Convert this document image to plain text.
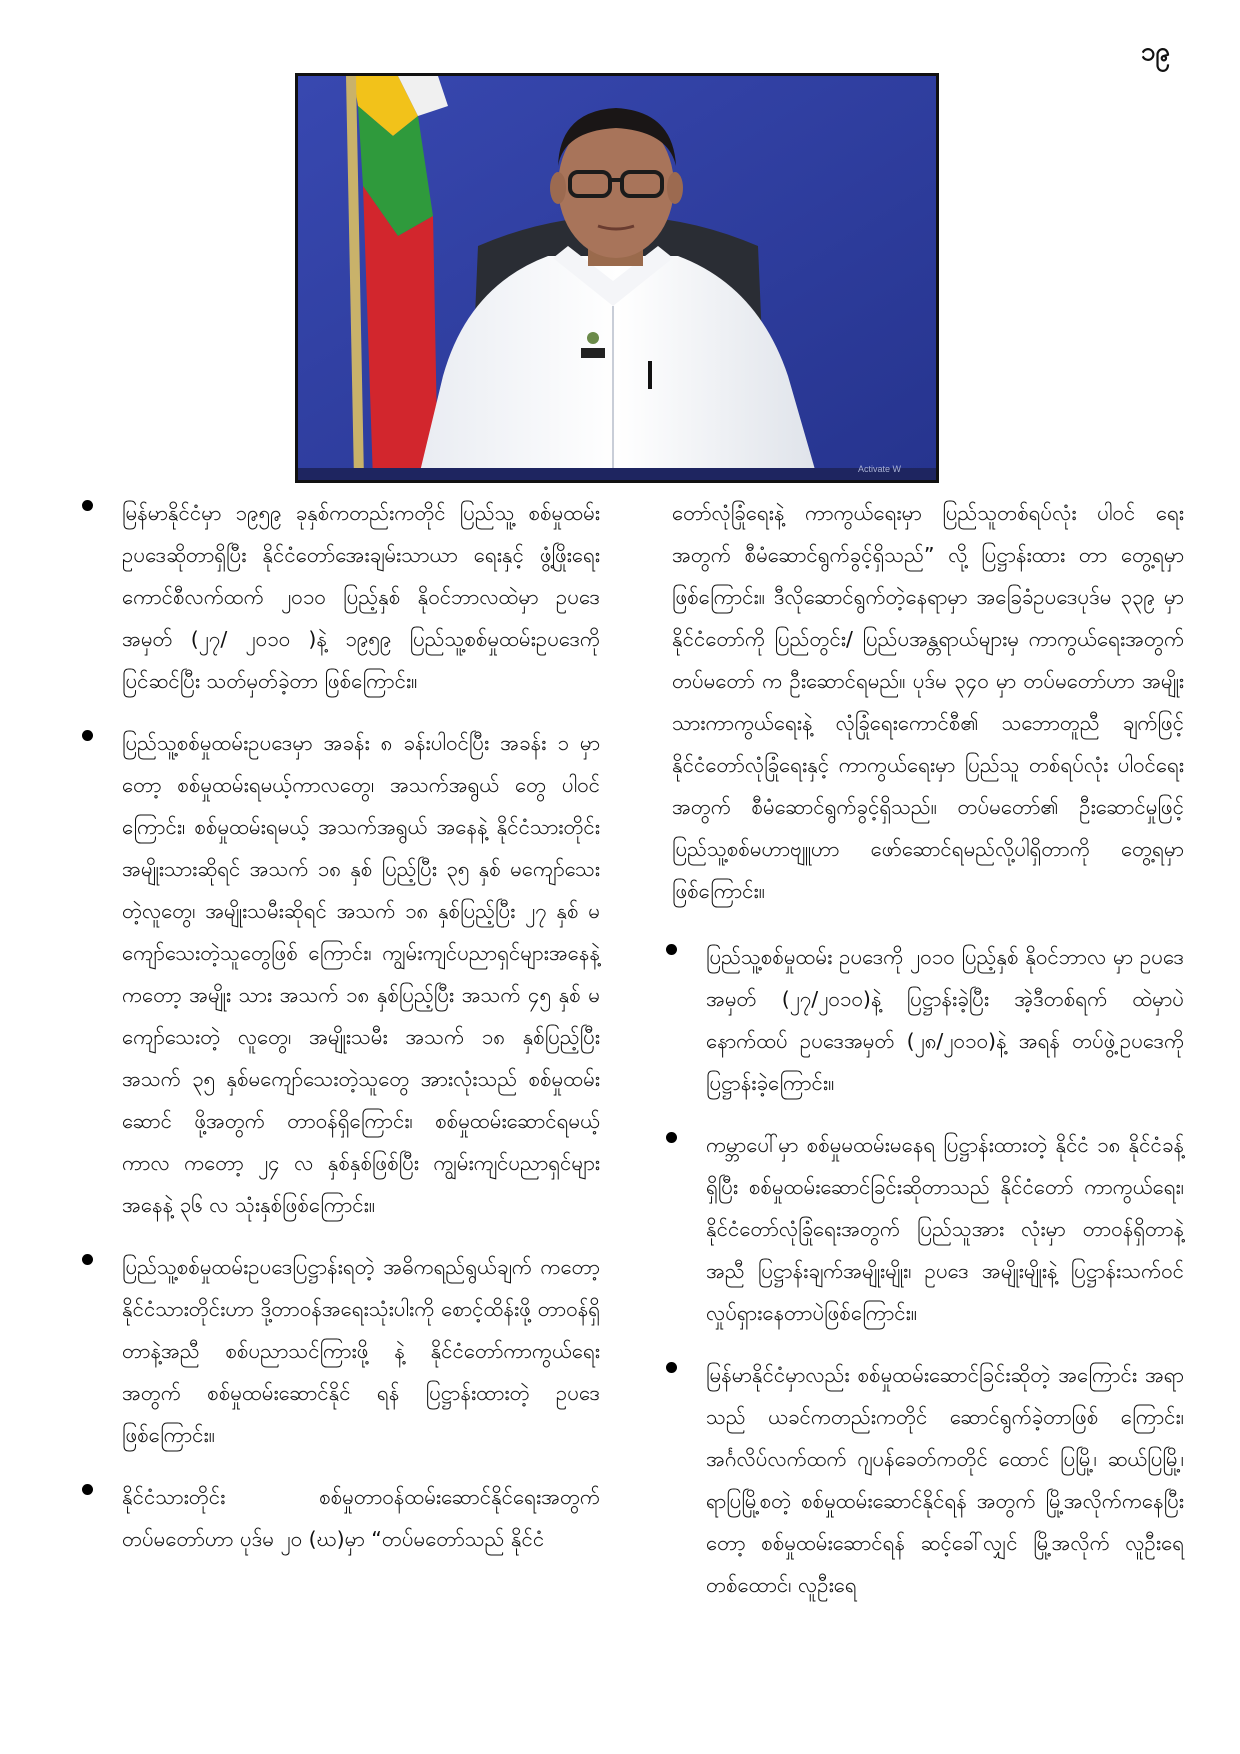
၁၉
Activate W

မြန်မာနိုင်ငံမှာ ၁၉၅၉ ခုနှစ်ကတည်းကတိုင် ပြည်သူ့ စစ်မှုထမ်းဥပဒေဆိုတာရှိပြီး နိုင်ငံတော်အေးချမ်းသာယာ ရေးနှင့် ဖွံ့ဖြိုးရေးကောင်စီလက်ထက် ၂၀၁၀ ပြည့်နှစ် နိုဝင်ဘာလထဲမှာ ဥပဒေအမှတ် (၂၇/ ၂၀၁၀ )နဲ့ ၁၉၅၉ ပြည်သူ့စစ်မှုထမ်းဥပဒေကို ပြင်ဆင်ပြီး သတ်မှတ်ခဲ့တာ ဖြစ်ကြောင်း။

ပြည်သူ့စစ်မှုထမ်းဥပဒေမှာ အခန်း ၈ ခန်းပါဝင်ပြီး အခန်း ၁ မှာတော့ စစ်မှုထမ်းရမယ့်ကာလတွေ၊ အသက်အရွယ် တွေ ပါဝင်ကြောင်း၊ စစ်မှုထမ်းရမယ့် အသက်အရွယ် အနေနဲ့ နိုင်ငံသားတိုင်း အမျိုးသားဆိုရင် အသက် ၁၈ နှစ် ပြည့်ပြီး ၃၅ နှစ် မကျော်သေးတဲ့လူတွေ၊ အမျိုးသမီးဆိုရင် အသက် ၁၈ နှစ်ပြည့်ပြီး ၂၇ နှစ် မကျော်သေးတဲ့သူတွေဖြစ် ကြောင်း၊ ကျွမ်းကျင်ပညာရှင်များအနေနဲ့ကတော့ အမျိုး သား အသက် ၁၈ နှစ်ပြည့်ပြီး အသက် ၄၅ နှစ် မကျော်သေးတဲ့ လူတွေ၊ အမျိုးသမီး အသက် ၁၈ နှစ်ပြည့်ပြီး အသက် ၃၅ နှစ်မကျော်သေးတဲ့သူတွေ အားလုံးသည် စစ်မှုထမ်းဆောင် ဖို့အတွက် တာဝန်ရှိကြောင်း၊ စစ်မှုထမ်းဆောင်ရမယ့် ကာလ ကတော့ ၂၄ လ နှစ်နှစ်ဖြစ်ပြီး ကျွမ်းကျင်ပညာရှင်များ အနေနဲ့ ၃၆ လ သုံးနှစ်ဖြစ်ကြောင်း။

ပြည်သူ့စစ်မှုထမ်းဥပဒေပြဋ္ဌာန်းရတဲ့ အဓိကရည်ရွယ်ချက် ကတော့ နိုင်ငံသားတိုင်းဟာ ဒို့တာဝန်အရေးသုံးပါးကို စောင့်ထိန်းဖို့ တာဝန်ရှိတာနဲ့အညီ စစ်ပညာသင်ကြားဖို့ နဲ့ နိုင်ငံတော်ကာကွယ်ရေးအတွက် စစ်မှုထမ်းဆောင်နိုင် ရန် ပြဋ္ဌာန်းထားတဲ့ ဥပဒေဖြစ်ကြောင်း။

နိုင်ငံသားတိုင်း စစ်မှုတာဝန်ထမ်းဆောင်နိုင်ရေးအတွက် တပ်မတော်ဟာ ပုဒ်မ ၂၀ (ဃ)မှာ “တပ်မတော်သည် နိုင်ငံ

တော်လုံခြုံရေးနဲ့ ကာကွယ်ရေးမှာ ပြည်သူတစ်ရပ်လုံး ပါဝင် ရေးအတွက် စီမံဆောင်ရွက်ခွင့်ရှိသည်” လို့ ပြဋ္ဌာန်းထား တာ တွေ့ရမှာဖြစ်ကြောင်း။ ဒီလိုဆောင်ရွက်တဲ့နေရာမှာ အခြေခံဥပဒေပုဒ်မ ၃၃၉ မှာ နိုင်ငံတော်ကို ပြည်တွင်း/ ပြည်ပအန္တရာယ်များမှ ကာကွယ်ရေးအတွက် တပ်မတော် က ဦးဆောင်ရမည်။ ပုဒ်မ ၃၄၀ မှာ တပ်မတော်ဟာ အမျိုး သားကာကွယ်ရေးနဲ့ လုံခြုံရေးကောင်စီ၏ သဘောတူညီ ချက်ဖြင့် နိုင်ငံတော်လုံခြုံရေးနှင့် ကာကွယ်ရေးမှာ ပြည်သူ တစ်ရပ်လုံး ပါဝင်ရေးအတွက် စီမံဆောင်ရွက်ခွင့်ရှိသည်။ တပ်မတော်၏ ဦးဆောင်မှုဖြင့် ပြည်သူ့စစ်မဟာဗျူဟာ ဖော်ဆောင်ရမည်လို့ပါရှိတာကို တွေ့ရမှာဖြစ်ကြောင်း။

ပြည်သူ့စစ်မှုထမ်း ဥပဒေကို ၂၀၁၀ ပြည့်နှစ် နိုဝင်ဘာလ မှာ ဥပဒေအမှတ် (၂၇/၂၀၁၀)နဲ့ ပြဋ္ဌာန်းခဲ့ပြီး အဲ့ဒီတစ်ရက် ထဲမှာပဲ နောက်ထပ် ဥပဒေအမှတ် (၂၈/၂၀၁၀)နဲ့ အရန် တပ်ဖွဲ့ဥပဒေကို ပြဋ္ဌာန်းခဲ့ကြောင်း။

ကမ္ဘာပေါ်မှာ စစ်မှုမထမ်းမနေရ ပြဋ္ဌာန်းထားတဲ့ နိုင်ငံ ၁၈ နိုင်ငံခန့်ရှိပြီး စစ်မှုထမ်းဆောင်ခြင်းဆိုတာသည် နိုင်ငံတော် ကာကွယ်ရေး၊ နိုင်ငံတော်လုံခြုံရေးအတွက် ပြည်သူအား လုံးမှာ တာဝန်ရှိတာနဲ့အညီ ပြဋ္ဌာန်းချက်အမျိုးမျိုး၊ ဥပဒေ အမျိုးမျိုးနဲ့ ပြဋ္ဌာန်းသက်ဝင်လှုပ်ရှားနေတာပဲဖြစ်ကြောင်း။

မြန်မာနိုင်ငံမှာလည်း စစ်မှုထမ်းဆောင်ခြင်းဆိုတဲ့ အကြောင်း အရာသည် ယခင်ကတည်းကတိုင် ဆောင်ရွက်ခဲ့တာဖြစ် ကြောင်း၊ အင်္ဂလိပ်လက်ထက် ဂျပန်ခေတ်ကတိုင် ထောင် ပြမြို့၊ ဆယ်ပြမြို့၊ ရာပြမြို့စတဲ့ စစ်မှုထမ်းဆောင်နိုင်ရန် အတွက် မြို့အလိုက်ကနေပြီးတော့ စစ်မှုထမ်းဆောင်ရန် ဆင့်ခေါ်လျှင် မြို့အလိုက် လူဦးရေ တစ်ထောင်၊ လူဦးရေ
